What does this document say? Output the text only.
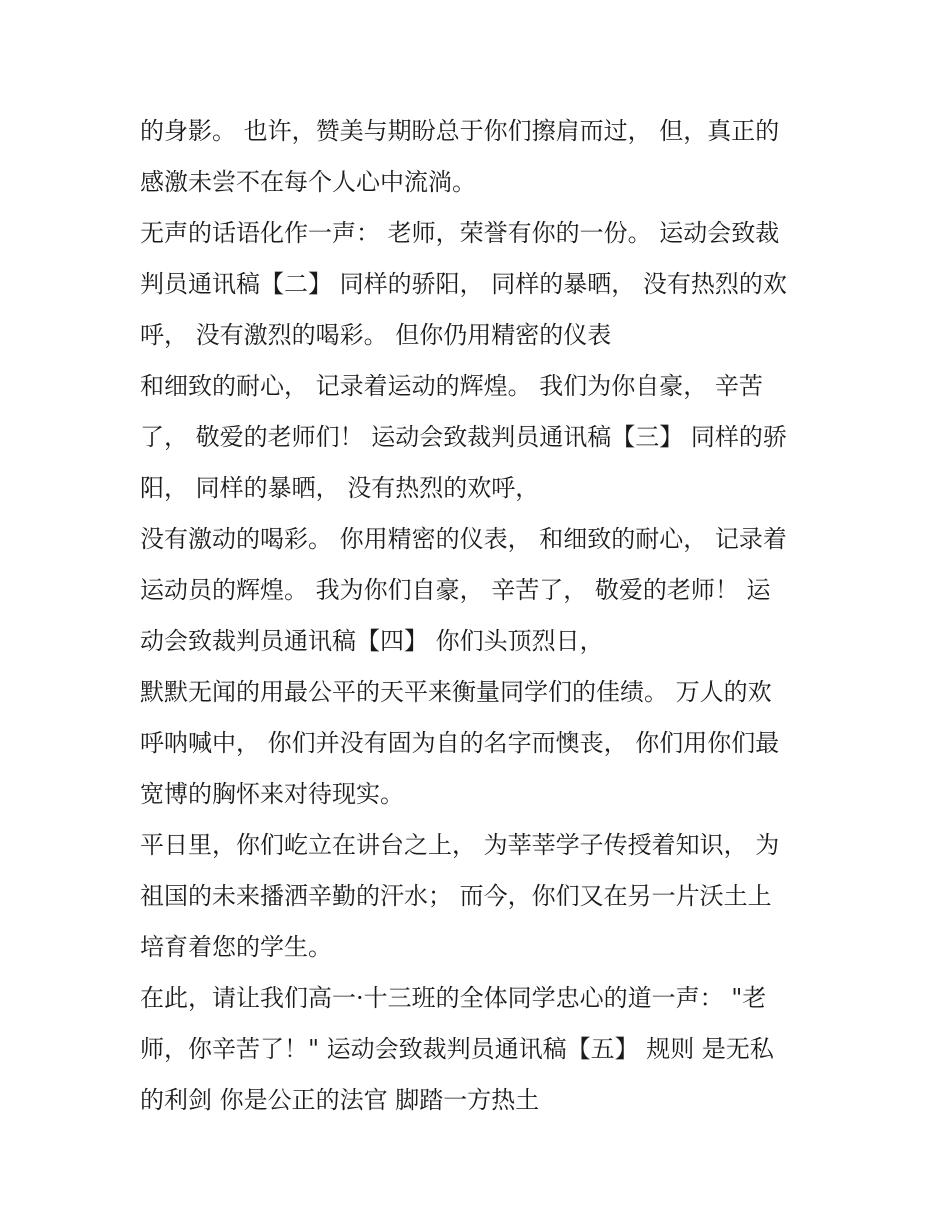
的身影。 也许，赞美与期盼总于你们擦肩而过， 但，真正的
感激未尝不在每个人心中流淌。
无声的话语化作一声： 老师，荣誉有你的一份。 运动会致裁
判员通讯稿【二】 同样的骄阳， 同样的暴晒， 没有热烈的欢
呼， 没有激烈的喝彩。 但你仍用精密的仪表
和细致的耐心， 记录着运动的辉煌。 我们为你自豪， 辛苦
了， 敬爱的老师们！ 运动会致裁判员通讯稿【三】 同样的骄
阳， 同样的暴晒， 没有热烈的欢呼，
没有激动的喝彩。 你用精密的仪表， 和细致的耐心， 记录着
运动员的辉煌。 我为你们自豪， 辛苦了， 敬爱的老师！ 运
动会致裁判员通讯稿【四】 你们头顶烈日，
默默无闻的用最公平的天平来衡量同学们的佳绩。 万人的欢
呼呐喊中， 你们并没有固为自的名字而懊丧， 你们用你们最
宽博的胸怀来对待现实。
平日里，你们屹立在讲台之上， 为莘莘学子传授着知识， 为
祖国的未来播洒辛勤的汗水； 而今，你们又在另一片沃土上
培育着您的学生。
在此，请让我们高一·十三班的全体同学忠心的道一声： "老
师，你辛苦了！" 运动会致裁判员通讯稿【五】 规则 是无私
的利剑 你是公正的法官 脚踏一方热土
